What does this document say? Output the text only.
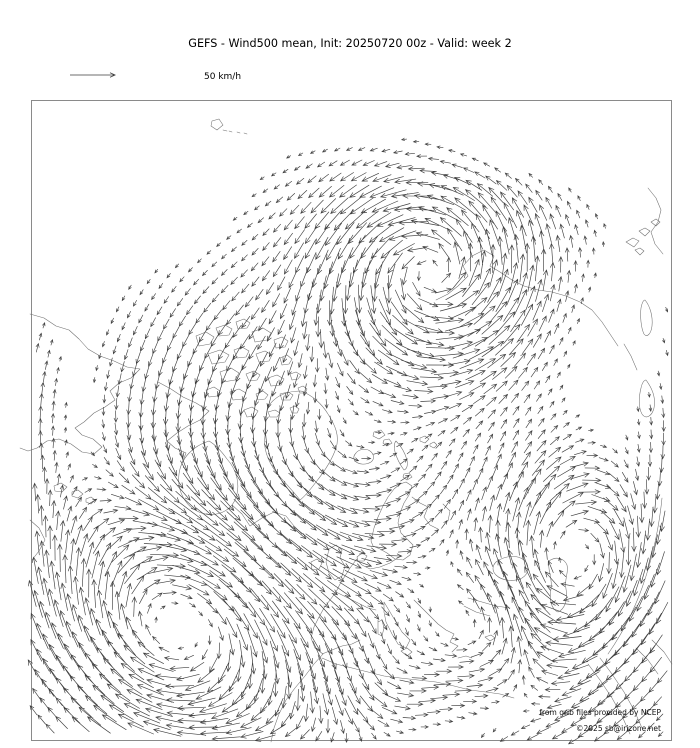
GEFS - Wind500 mean, Init: 20250720 00z - Valid: week 2
50 km/h
from grib files provided by NCEP
©2025 sb@irizone.net
